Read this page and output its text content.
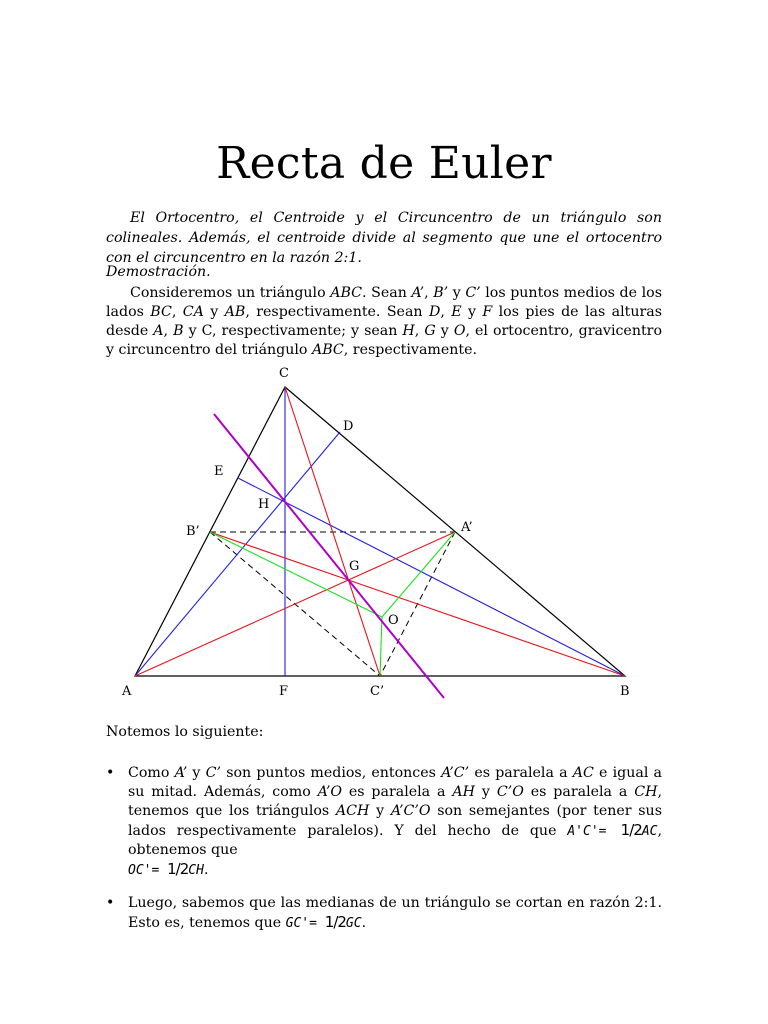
Recta de Euler
El Ortocentro, el Centroide y el Circuncentro de un triángulo son colineales. Además, el centroide divide al segmento que une el ortocentro con el circuncentro en la razón 2:1.
Demostración.
Consideremos un triángulo ABC. Sean A’, B’ y C’ los puntos medios de los lados BC, CA y AB, respectivamente. Sean D, E y F los pies de las alturas desde A, B y C, respectivamente; y sean H, G y O, el ortocentro, gravicentro y circuncentro del triángulo ABC, respectivamente.
C
D
E
H
B’	A’
G
O
A	F	C’	B
Notemos lo siguiente:
• Como A’ y C’ son puntos medios, entonces A’C’ es paralela a AC e igual a su mitad. Además, como A’O es paralela a AH y C’O es paralela a CH, tenemos que los triángulos ACH y A’C’O son semejantes (por tener sus lados respectivamente paralelos). Y del hecho de que A'C'= 1/2AC, obtenemos que
OC'= 1/2CH.
• Luego, sabemos que las medianas de un triángulo se cortan en razón 2:1. Esto es, tenemos que GC'= 1/2GC.
